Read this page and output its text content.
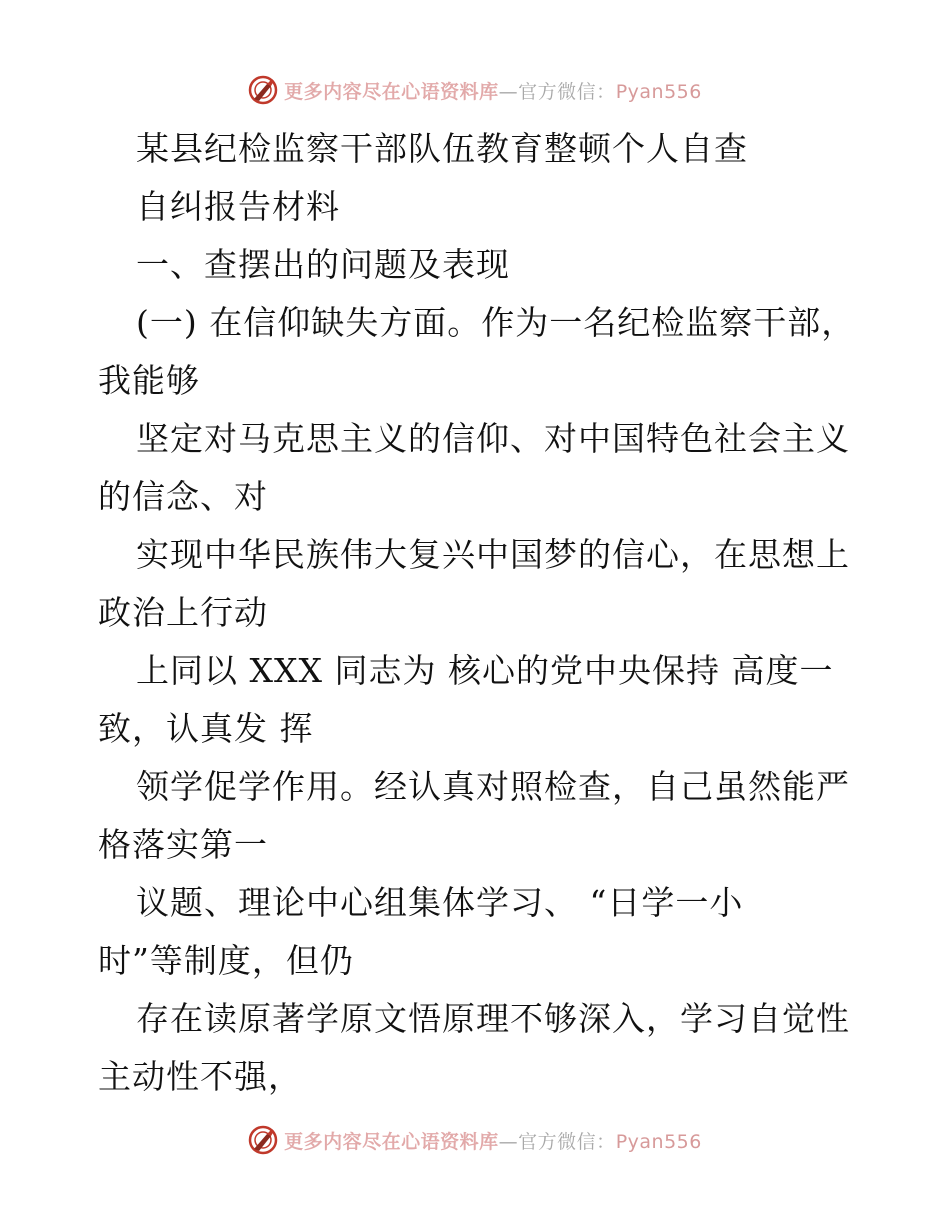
更多内容尽在心语资料库—官方微信：Pyan556
某县纪检监察干部队伍教育整顿个人自查
自纠报告材料
一、查摆出的问题及表现
(一) 在信仰缺失方面。作为一名纪检监察干部，
我能够
坚定对马克思主义的信仰、对中国特色社会主义
的信念、对
实现中华民族伟大复兴中国梦的信心，在思想上
政治上行动
上同以 XXX 同志为 核心的党中央保持 高度一
致，认真发 挥
领学促学作用。经认真对照检查，自己虽然能严
格落实第一
议题、理论中心组集体学习、 “日学一小
时”等制度，但仍
存在读原著学原文悟原理不够深入，学习自觉性
主动性不强，
更多内容尽在心语资料库—官方微信：Pyan556
